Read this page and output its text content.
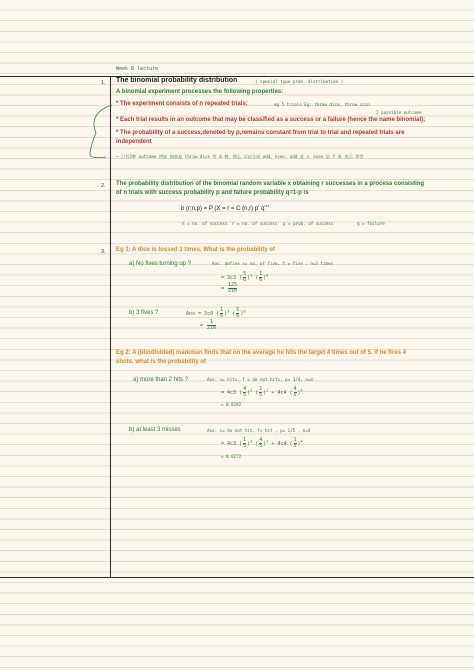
Week 8 lecture
1. The binomial probability distribution	( special type prob. distribution )
A binomial experiment processes the following properties:
* The experiment consists of n repeated trials;	eg 5 trials Eg: throw dice, throw coin
2 possible outcome
* Each trial results in an outcome that may be classified as a success or a failure (hence the name binomial);
* The probability of a success,denoted by p,remains constant from trial to trial and repeated trials are
independent
→ 只有2种 outcome 例如 如果是 throw dice 有 6 种，那么 可以分成 odd，even. odd 是 s，even 是 f 成 表示 等等
2. The probability distribution of the binomial random variable x obtaining r successes in a process consisting
of n trials with success probability p and failure probability q=1-p is
b (r;n,p) = P (X = r = C (n,r) $p^r$ $q^{n-r}$
n = no. of success r = no. of success p = prob. of success	q = failure
3. Eg 1: A dice is tossed 3 times. What is the probability of
a) No fives turning up ?	Ans: define s= no. of five, f = five , n=3 times
= 3c3 ( $\frac{5}{6} )^3$ ( $\frac{1}{6} )^0$
= $\frac{125}{216}$
b) 3 fives ?	Ans = 3c0 ( $\frac{1}{6} )^3$ ( $\frac{5}{6} )^0$
= $\frac{1}{216}$
Eg 2: A (blindfolded) markman finds that on the average he hits the target 4 times out of 5. If he fires 4
shots, what is the probability of
a) more than 2 hits ?	Ans: s= hits, f = do not hits, p= 3/4, n=4
= 4c3 ( $\frac{4}{5} )^3$ ( $\frac{1}{5} )^1 + 4c4$ ( $\frac{4}{5} )^4$
= 0.8192
b) at least 3 misses	Ans: s= do not hit, f= hit , p= 1/5 , n=4
= 4c3 ( $\frac{1}{5} )^3$ ( $\frac{4}{5} )^1 + 4c4$ ( $\frac{1}{5} )^4$
= 0.0272
